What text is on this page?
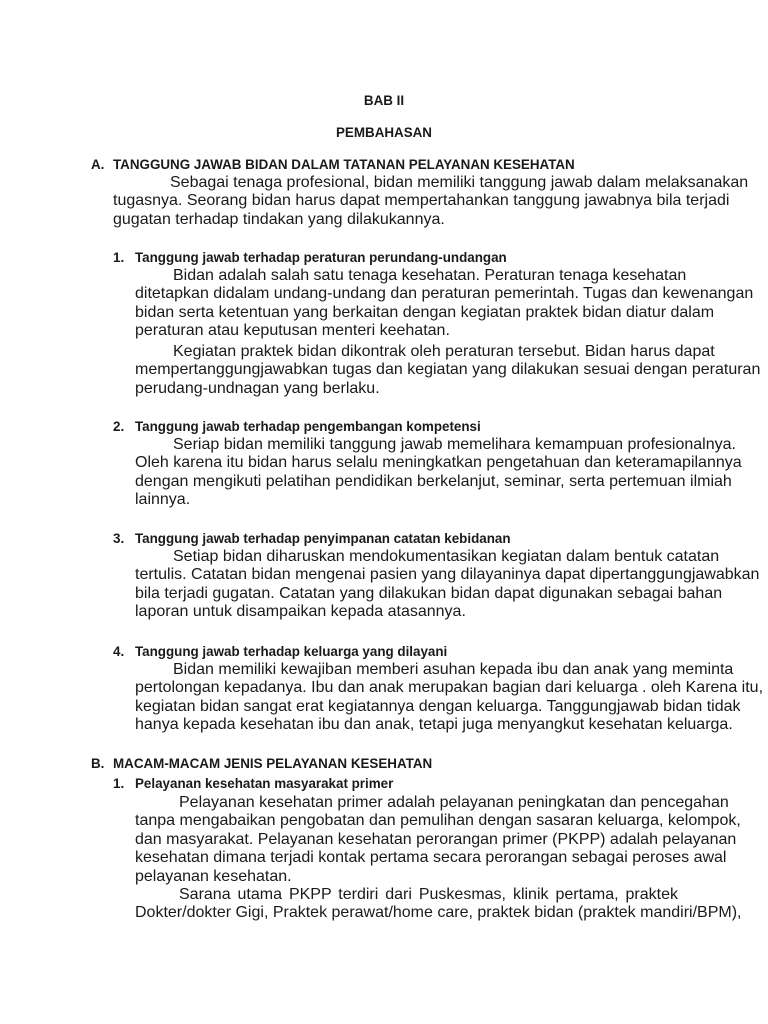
BAB II
PEMBAHASAN
A. TANGGUNG JAWAB BIDAN DALAM TATANAN PELAYANAN KESEHATAN
Sebagai tenaga profesional, bidan memiliki tanggung jawab dalam melaksanakan
tugasnya. Seorang bidan harus dapat mempertahankan tanggung jawabnya bila terjadi
gugatan terhadap tindakan yang dilakukannya.
1. Tanggung jawab terhadap peraturan perundang-undangan
Bidan adalah salah satu tenaga kesehatan. Peraturan tenaga kesehatan
ditetapkan didalam undang-undang dan peraturan pemerintah. Tugas dan kewenangan
bidan serta ketentuan yang berkaitan dengan kegiatan praktek bidan diatur dalam
peraturan atau keputusan menteri keehatan.
Kegiatan praktek bidan dikontrak oleh peraturan tersebut. Bidan harus dapat
mempertanggungjawabkan tugas dan kegiatan yang dilakukan sesuai dengan peraturan
perudang-undnagan yang berlaku.
2. Tanggung jawab terhadap pengembangan kompetensi
Seriap bidan memiliki tanggung jawab memelihara kemampuan profesionalnya.
Oleh karena itu bidan harus selalu meningkatkan pengetahuan dan keteramapilannya
dengan mengikuti pelatihan pendidikan berkelanjut, seminar, serta pertemuan ilmiah
lainnya.
3. Tanggung jawab terhadap penyimpanan catatan kebidanan
Setiap bidan diharuskan mendokumentasikan kegiatan dalam bentuk catatan
tertulis. Catatan bidan mengenai pasien yang dilayaninya dapat dipertanggungjawabkan
bila terjadi gugatan. Catatan yang dilakukan bidan dapat digunakan sebagai bahan
laporan untuk disampaikan kepada atasannya.
4. Tanggung jawab terhadap keluarga yang dilayani
Bidan memiliki kewajiban memberi asuhan kepada ibu dan anak yang meminta
pertolongan kepadanya. Ibu dan anak merupakan bagian dari keluarga . oleh Karena itu,
kegiatan bidan sangat erat kegiatannya dengan keluarga. Tanggungjawab bidan tidak
hanya kepada kesehatan ibu dan anak, tetapi juga menyangkut kesehatan keluarga.
B. MACAM-MACAM JENIS PELAYANAN KESEHATAN
1. Pelayanan kesehatan masyarakat primer
Pelayanan kesehatan primer adalah pelayanan peningkatan dan pencegahan
tanpa mengabaikan pengobatan dan pemulihan dengan sasaran keluarga, kelompok,
dan masyarakat. Pelayanan kesehatan perorangan primer (PKPP) adalah pelayanan
kesehatan dimana terjadi kontak pertama secara perorangan sebagai peroses awal
pelayanan kesehatan.
Sarana utama PKPP terdiri dari Puskesmas, klinik pertama, praktek
Dokter/dokter Gigi, Praktek perawat/home care, praktek bidan (praktek mandiri/BPM),
